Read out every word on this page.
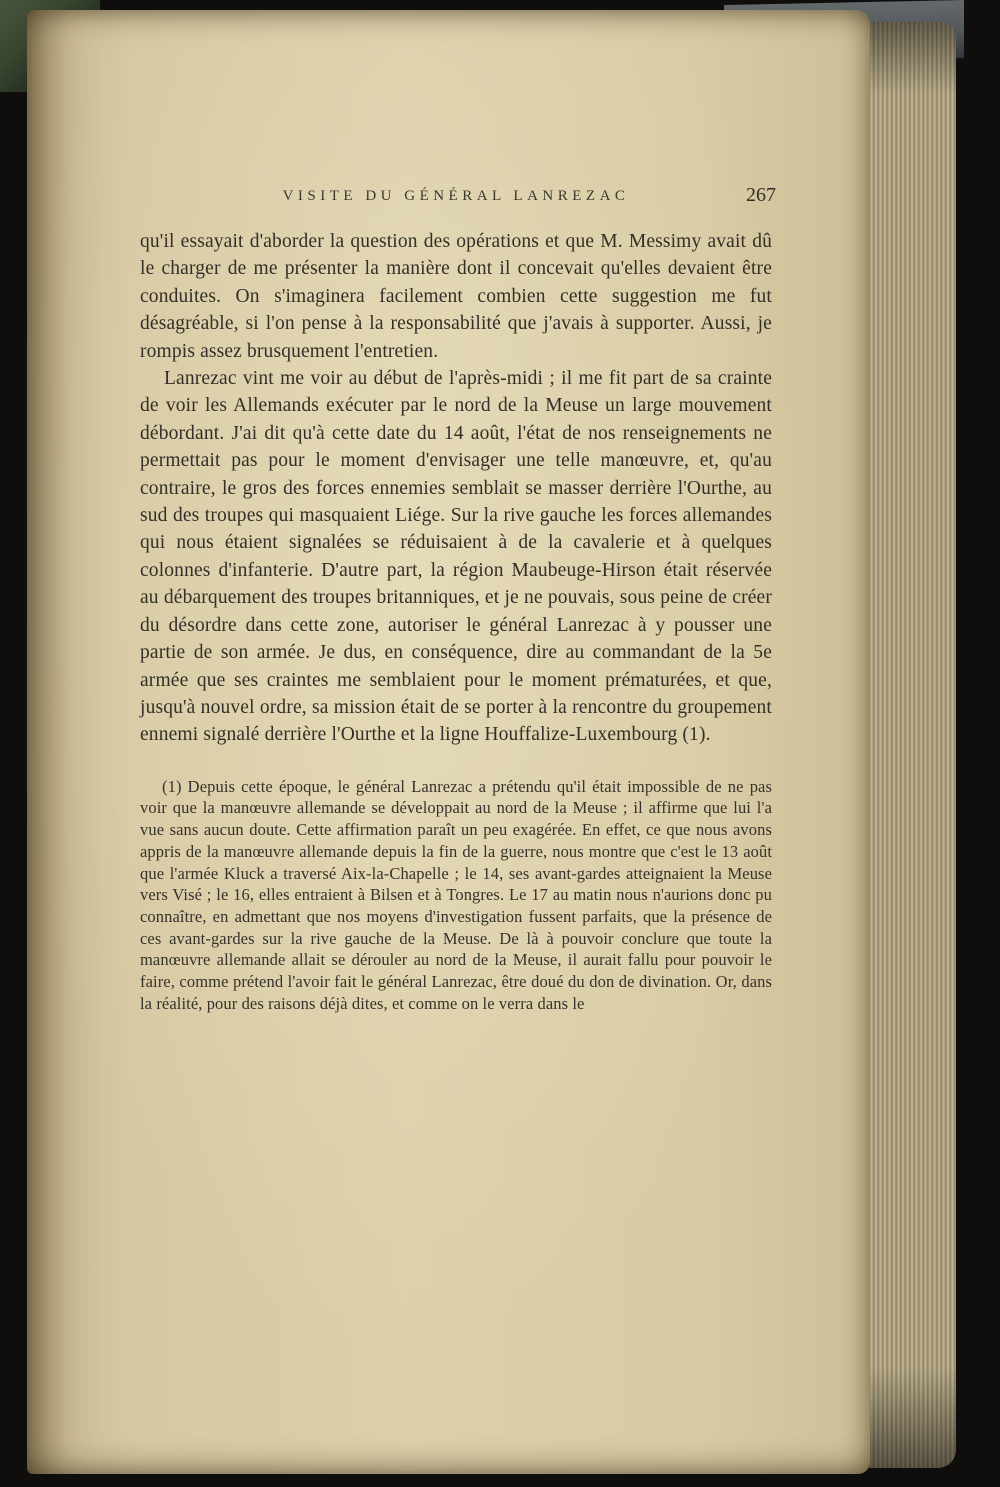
VISITE DU GÉNÉRAL LANREZAC	267

qu'il essayait d'aborder la question des opérations et que M. Messimy avait dû le charger de me présenter la manière dont il concevait qu'elles devaient être conduites. On s'imaginera facilement combien cette suggestion me fut désagréable, si l'on pense à la responsabilité que j'avais à supporter. Aussi, je rompis assez brusquement l'entretien.

Lanrezac vint me voir au début de l'après-midi ; il me fit part de sa crainte de voir les Allemands exécuter par le nord de la Meuse un large mouvement débordant. J'ai dit qu'à cette date du 14 août, l'état de nos renseignements ne permettait pas pour le moment d'envisager une telle manœuvre, et, qu'au contraire, le gros des forces ennemies semblait se masser derrière l'Ourthe, au sud des troupes qui masquaient Liége. Sur la rive gauche les forces allemandes qui nous étaient signalées se réduisaient à de la cavalerie et à quelques colonnes d'infanterie. D'autre part, la région Maubeuge-Hirson était réservée au débarquement des troupes britanniques, et je ne pouvais, sous peine de créer du désordre dans cette zone, autoriser le général Lanrezac à y pousser une partie de son armée. Je dus, en conséquence, dire au commandant de la 5e armée que ses craintes me semblaient pour le moment prématurées, et que, jusqu'à nouvel ordre, sa mission était de se porter à la rencontre du groupement ennemi signalé derrière l'Ourthe et la ligne Houffalize-Luxembourg (1).

(1) Depuis cette époque, le général Lanrezac a prétendu qu'il était impossible de ne pas voir que la manœuvre allemande se développait au nord de la Meuse ; il affirme que lui l'a vue sans aucun doute. Cette affirmation paraît un peu exagérée. En effet, ce que nous avons appris de la manœuvre allemande depuis la fin de la guerre, nous montre que c'est le 13 août que l'armée Kluck a traversé Aix-la-Chapelle ; le 14, ses avant-gardes atteignaient la Meuse vers Visé ; le 16, elles entraient à Bilsen et à Tongres. Le 17 au matin nous n'aurions donc pu connaître, en admettant que nos moyens d'investigation fussent parfaits, que la présence de ces avant-gardes sur la rive gauche de la Meuse. De là à pouvoir conclure que toute la manœuvre allemande allait se dérouler au nord de la Meuse, il aurait fallu pour pouvoir le faire, comme prétend l'avoir fait le général Lanrezac, être doué du don de divination. Or, dans la réalité, pour des raisons déjà dites, et comme on le verra dans le
